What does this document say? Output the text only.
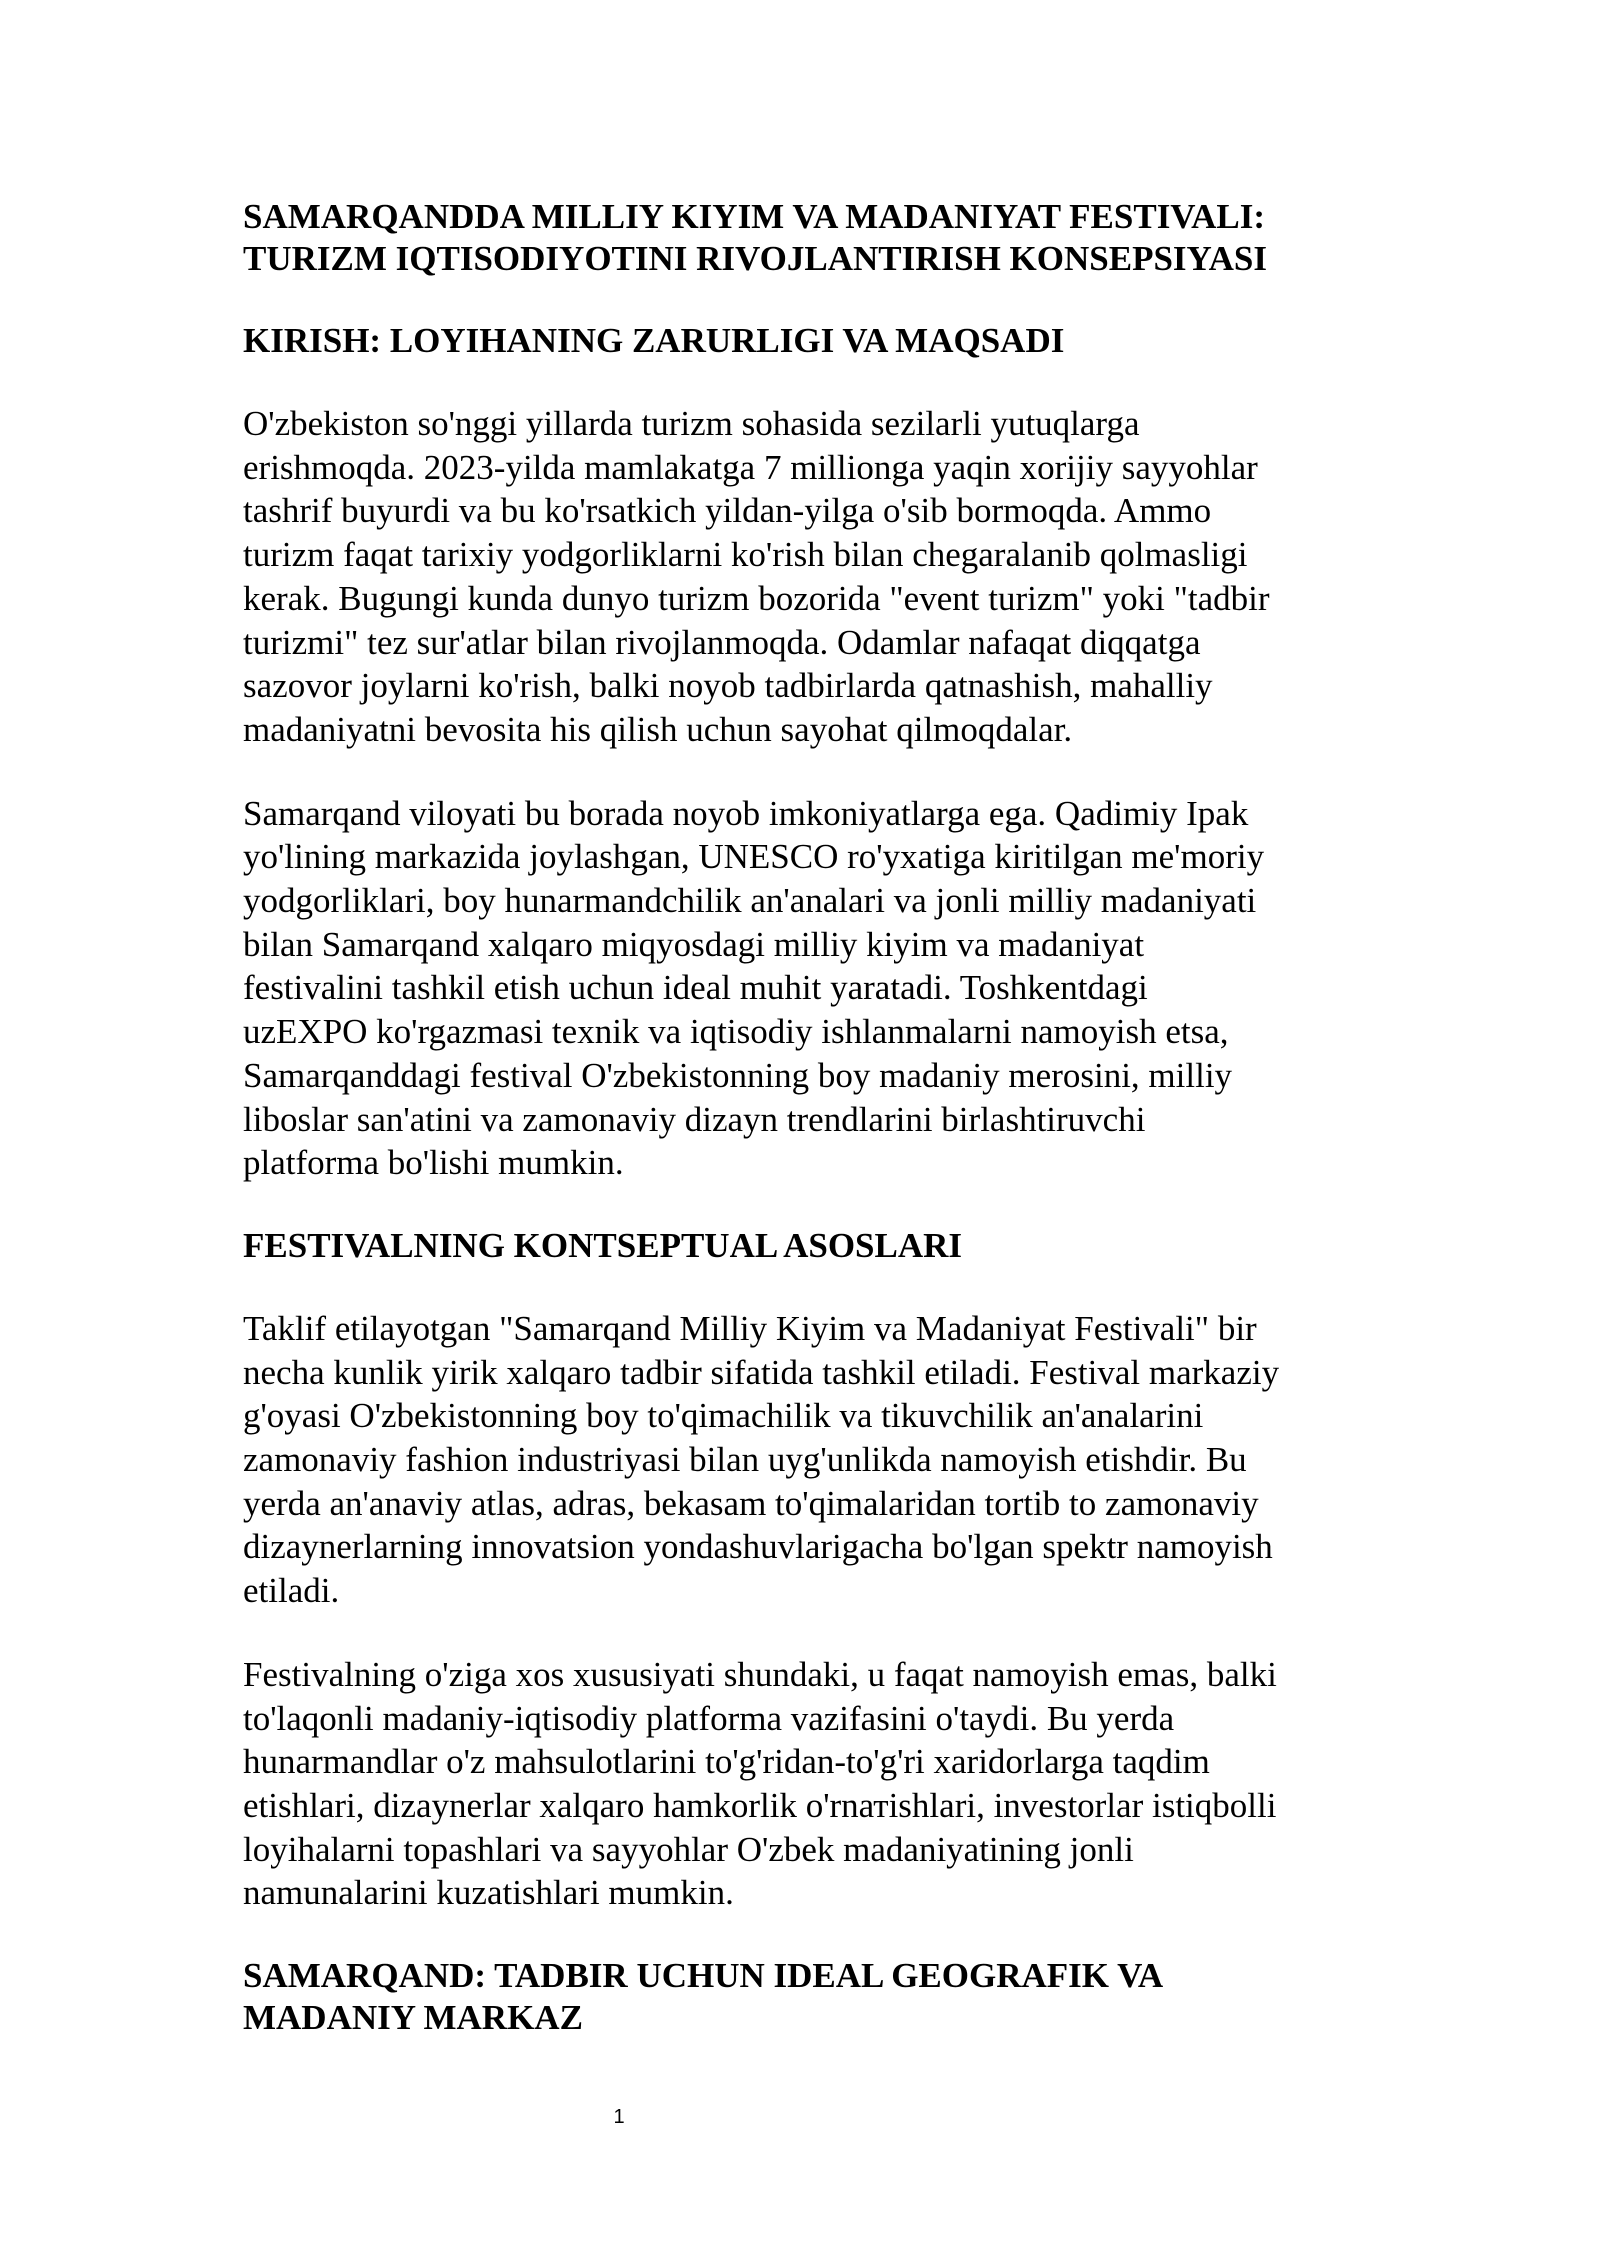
SAMARQANDDA MILLIY KIYIM VA MADANIYAT FESTIVALI:
TURIZM IQTISODIYOTINI RIVOJLANTIRISH KONSEPSIYASI
KIRISH: LOYIHANING ZARURLIGI VA MAQSADI
O'zbekiston so'nggi yillarda turizm sohasida sezilarli yutuqlarga
erishmoqda. 2023-yilda mamlakatga 7 millionga yaqin xorijiy sayyohlar
tashrif buyurdi va bu ko'rsatkich yildan-yilga o'sib bormoqda. Ammo
turizm faqat tarixiy yodgorliklarni ko'rish bilan chegaralanib qolmasligi
kerak. Bugungi kunda dunyo turizm bozorida "event turizm" yoki "tadbir
turizmi" tez sur'atlar bilan rivojlanmoqda. Odamlar nafaqat diqqatga
sazovor joylarni ko'rish, balki noyob tadbirlarda qatnashish, mahalliy
madaniyatni bevosita his qilish uchun sayohat qilmoqdalar.
Samarqand viloyati bu borada noyob imkoniyatlarga ega. Qadimiy Ipak
yo'lining markazida joylashgan, UNESCO ro'yxatiga kiritilgan me'moriy
yodgorliklari, boy hunarmandchilik an'analari va jonli milliy madaniyati
bilan Samarqand xalqaro miqyosdagi milliy kiyim va madaniyat
festivalini tashkil etish uchun ideal muhit yaratadi. Toshkentdagi
uzEXPO ko'rgazmasi texnik va iqtisodiy ishlanmalarni namoyish etsa,
Samarqanddagi festival O'zbekistonning boy madaniy merosini, milliy
liboslar san'atini va zamonaviy dizayn trendlarini birlashtiruvchi
platforma bo'lishi mumkin.
FESTIVALNING KONTSEPTUAL ASOSLARI
Taklif etilayotgan "Samarqand Milliy Kiyim va Madaniyat Festivali" bir
necha kunlik yirik xalqaro tadbir sifatida tashkil etiladi. Festival markaziy
g'oyasi O'zbekistonning boy to'qimachilik va tikuvchilik an'analarini
zamonaviy fashion industriyasi bilan uyg'unlikda namoyish etishdir. Bu
yerda an'anaviy atlas, adras, bekasam to'qimalaridan tortib to zamonaviy
dizaynerlarning innovatsion yondashuvlarigacha bo'lgan spektr namoyish
etiladi.
Festivalning o'ziga xos xususiyati shundaki, u faqat namoyish emas, balki
to'laqonli madaniy-iqtisodiy platforma vazifasini o'taydi. Bu yerda
hunarmandlar o'z mahsulotlarini to'g'ridan-to'g'ri xaridorlarga taqdim
etishlari, dizaynerlar xalqaro hamkorlik o'rnатishlari, investorlar istiqbolli
loyihalarni topashlari va sayyohlar O'zbek madaniyatining jonli
namunalarini kuzatishlari mumkin.
SAMARQAND: TADBIR UCHUN IDEAL GEOGRAFIK VA
MADANIY MARKAZ
1
